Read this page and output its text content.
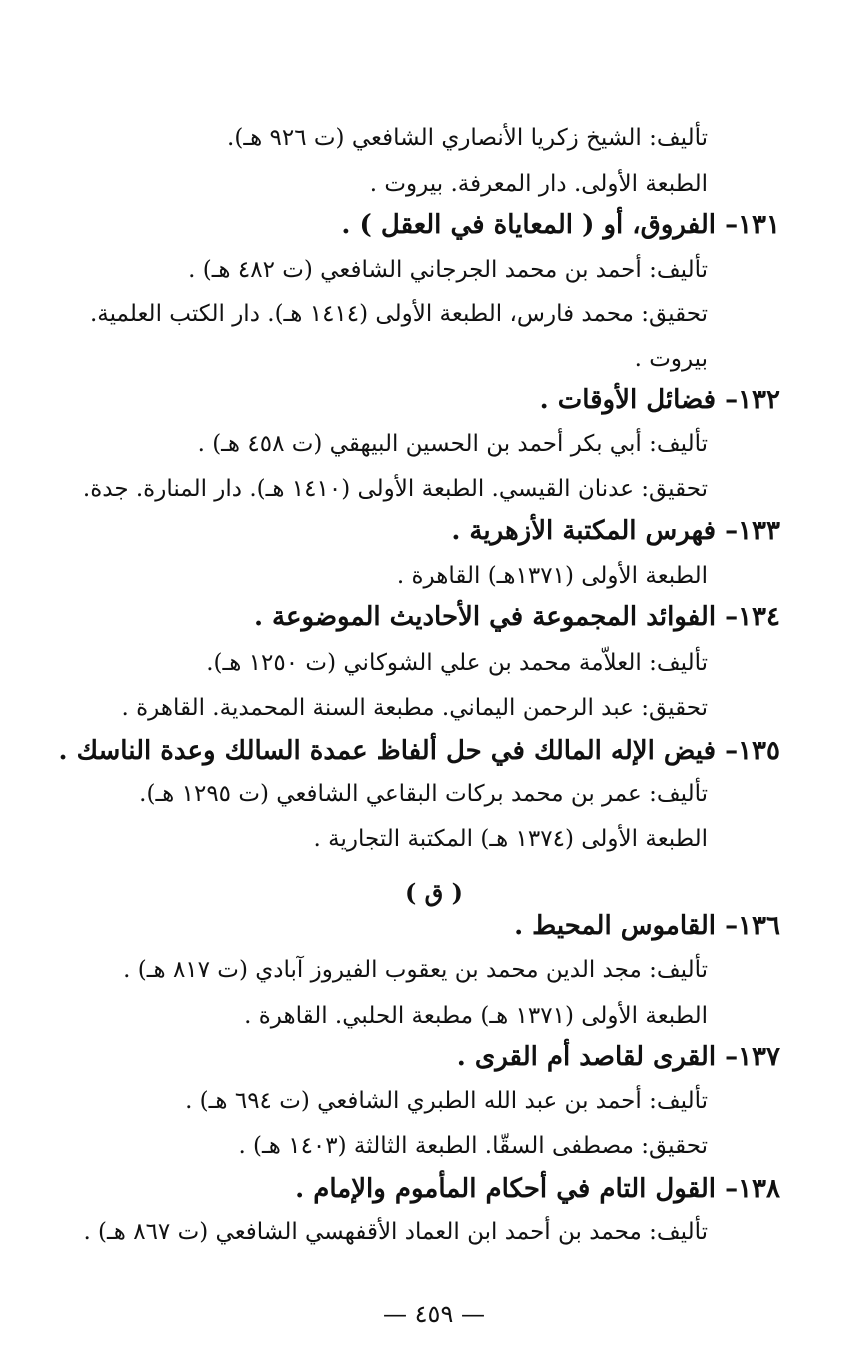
تأليف: الشيخ زكريا الأنصاري الشافعي (ت ٩٢٦ هـ).
الطبعة الأولى. دار المعرفة. بيروت .
١٣١– الفروق، أو ( المعاياة في العقل ) .
تأليف: أحمد بن محمد الجرجاني الشافعي (ت ٤٨٢ هـ) .
تحقيق: محمد فارس، الطبعة الأولى (١٤١٤ هـ). دار الكتب العلمية.
بيروت .
١٣٢– فضائل الأوقات .
تأليف: أبي بكر أحمد بن الحسين البيهقي (ت ٤٥٨ هـ) .
تحقيق: عدنان القيسي. الطبعة الأولى (١٤١٠ هـ). دار المنارة. جدة.
١٣٣– فهرس المكتبة الأزهرية .
الطبعة الأولى (١٣٧١هـ) القاهرة .
١٣٤– الفوائد المجموعة في الأحاديث الموضوعة .
تأليف: العلاّمة محمد بن علي الشوكاني (ت ١٢٥٠ هـ).
تحقيق: عبد الرحمن اليماني. مطبعة السنة المحمدية. القاهرة .
١٣٥– فيض الإله المالك في حل ألفاظ عمدة السالك وعدة الناسك .
تأليف: عمر بن محمد بركات البقاعي الشافعي (ت ١٢٩٥ هـ).
الطبعة الأولى (١٣٧٤ هـ) المكتبة التجارية .
( ق )
١٣٦– القاموس المحيط .
تأليف: مجد الدين محمد بن يعقوب الفيروز آبادي (ت ٨١٧ هـ) .
الطبعة الأولى (١٣٧١ هـ) مطبعة الحلبي. القاهرة .
١٣٧– القرى لقاصد أم القرى .
تأليف: أحمد بن عبد الله الطبري الشافعي (ت ٦٩٤ هـ) .
تحقيق: مصطفى السقّا. الطبعة الثالثة (١٤٠٣ هـ) .
١٣٨– القول التام في أحكام المأموم والإمام .
تأليف: محمد بن أحمد ابن العماد الأقفهسي الشافعي (ت ٨٦٧ هـ) .
— ٤٥٩ —
